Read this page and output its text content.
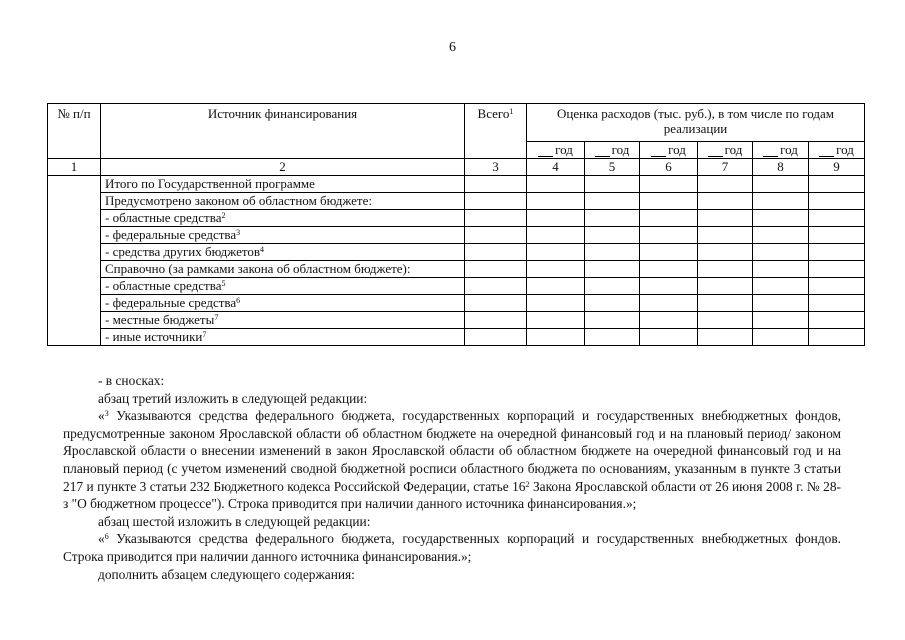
6
№ п/п	Источник финансирования	Всего$^1$	Оценка расходов (тыс. руб.), в том числе по годам реализации					
			год	год	год	год	год	год
1	2	3	4	5	6	7	8	9
	Итого по Государственной программе							
	Предусмотрено законом об областном бюджете:							
	- областные средства$^2$							
	- федеральные средства$^3$							
	- средства других бюджетов$^4$							
	Справочно (за рамками закона об областном бюджете):							
	- областные средства$^5$							
	- федеральные средства$^6$							
	- местные бюджеты$^7$							
	- иные источники$^7$							

- в сносках:

абзац третий изложить в следующей редакции:

«$^3$ Указываются средства федерального бюджета, государственных корпораций и государственных внебюджетных фондов, предусмотренные законом Ярославской области об областном бюджете на очередной финансовый год и на плановый период/ законом Ярославской области о внесении изменений в закон Ярославской области об областном бюджете на очередной финансовый год и на плановый период (с учетом изменений сводной бюджетной росписи областного бюджета по основаниям, указанным в пункте 3 статьи 217 и пункте 3 статьи 232 Бюджетного кодекса Российской Федерации, статье $16^2$ Закона Ярославской области от 26 июня 2008 г. № 28-з "О бюджетном процессе"). Строка приводится при наличии данного источника финансирования.»;

абзац шестой изложить в следующей редакции:

«$^6$ Указываются средства федерального бюджета, государственных корпораций и государственных внебюджетных фондов. Строка приводится при наличии данного источника финансирования.»;

дополнить абзацем следующего содержания:
